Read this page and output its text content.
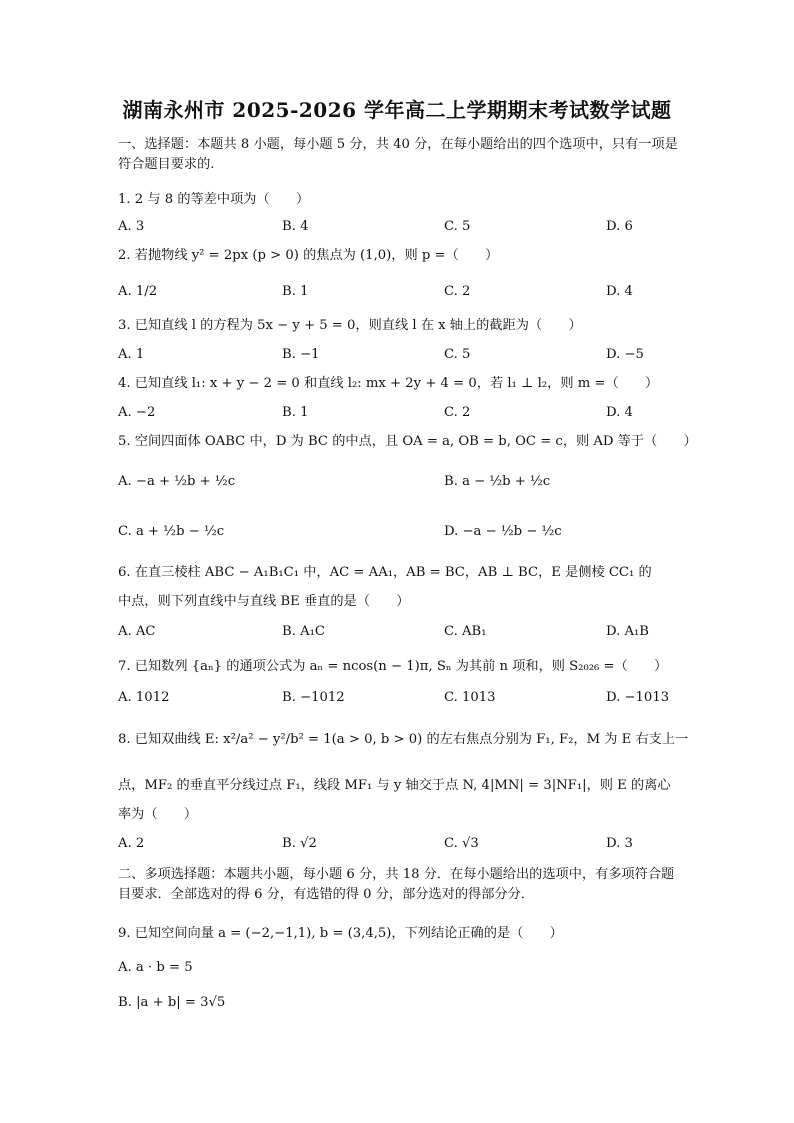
湖南永州市 2025-2026 学年高二上学期期末考试数学试题
一、选择题：本题共 8 小题，每小题 5 分，共 40 分，在每小题给出的四个选项中，只有一项是符合题目要求的.
1. 2 与 8 的等差中项为（　　）
A. 3	B. 4	C. 5	D. 6
2. 若抛物线 y² = 2px (p > 0) 的焦点为 (1,0)，则 p =（　　）
A. 1/2	B. 1	C. 2	D. 4
3. 已知直线 l 的方程为 5x − y + 5 = 0，则直线 l 在 x 轴上的截距为（　　）
A. 1	B. −1	C. 5	D. −5
4. 已知直线 l₁: x + y − 2 = 0 和直线 l₂: mx + 2y + 4 = 0，若 l₁ ⊥ l₂，则 m =（　　）
A. −2	B. 1	C. 2	D. 4
5. 空间四面体 OABC 中，D 为 BC 的中点，且 OA = a, OB = b, OC = c，则 AD 等于（　　）
A. −a + ½b + ½c	B. a − ½b + ½c
C. a + ½b − ½c	D. −a − ½b − ½c
6. 在直三棱柱 ABC − A₁B₁C₁ 中，AC = AA₁，AB = BC，AB ⊥ BC，E 是侧棱 CC₁ 的
中点，则下列直线中与直线 BE 垂直的是（　　）
A. AC	B. A₁C	C. AB₁	D. A₁B
7. 已知数列 {aₙ} 的通项公式为 aₙ = ncos(n − 1)π, Sₙ 为其前 n 项和，则 S₂₀₂₆ =（　　）
A. 1012	B. −1012	C. 1013	D. −1013
8. 已知双曲线 E: x²/a² − y²/b² = 1(a > 0, b > 0) 的左右焦点分别为 F₁, F₂，M 为 E 右支上一
点，MF₂ 的垂直平分线过点 F₁，线段 MF₁ 与 y 轴交于点 N, 4|MN| = 3|NF₁|，则 E 的离心
率为（　　）
A. 2	B. √2	C. √3	D. 3
二、多项选择题：本题共小题，每小题 6 分，共 18 分．在每小题给出的选项中，有多项符合题目要求．全部选对的得 6 分，有选错的得 0 分，部分选对的得部分分．
9. 已知空间向量 a = (−2,−1,1), b = (3,4,5)，下列结论正确的是（　　）
A. a · b = 5
B. |a + b| = 3√5
